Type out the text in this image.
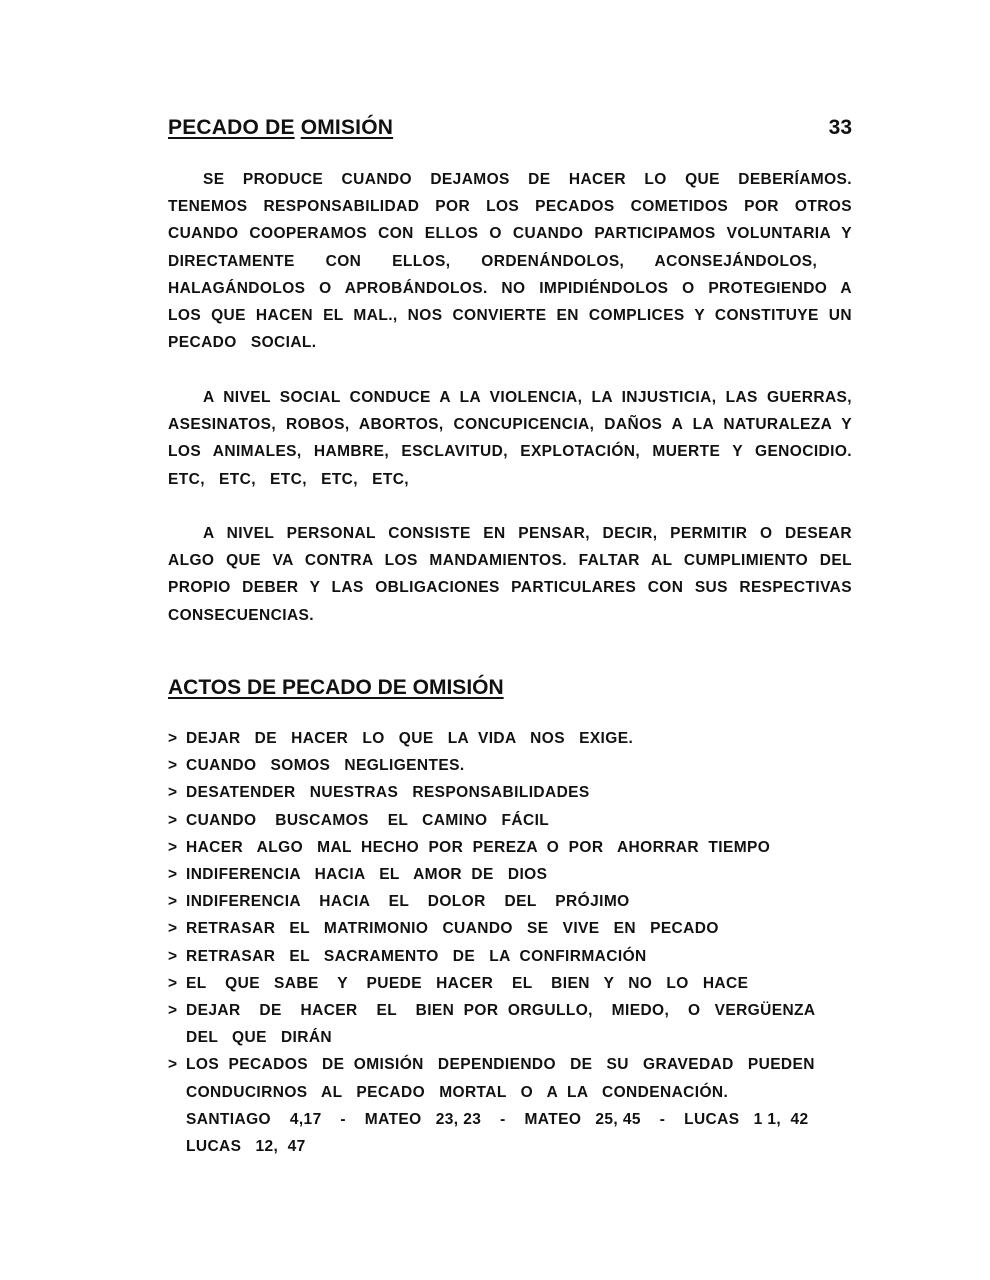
PECADO DE OMISIÓN	33
SE PRODUCE CUANDO DEJAMOS DE HACER LO QUE DEBERÍAMOS.
TENEMOS RESPONSABILIDAD POR LOS PECADOS COMETIDOS POR OTROS
CUANDO COOPERAMOS CON ELLOS O CUANDO PARTICIPAMOS VOLUNTARIA Y
DIRECTAMENTE    CON    ELLOS,    ORDENÁNDOLOS,    ACONSEJÁNDOLOS,
HALAGÁNDOLOS O APROBÁNDOLOS. NO IMPIDIÉNDOLOS O PROTEGIENDO A
LOS QUE HACEN EL MAL., NOS CONVIERTE EN COMPLICES Y CONSTITUYE UN
PECADO   SOCIAL.
A NIVEL SOCIAL CONDUCE A LA VIOLENCIA, LA INJUSTICIA, LAS GUERRAS,
ASESINATOS, ROBOS, ABORTOS, CONCUPICENCIA, DAÑOS A LA NATURALEZA Y
LOS ANIMALES, HAMBRE, ESCLAVITUD, EXPLOTACIÓN, MUERTE Y GENOCIDIO.
ETC,   ETC,   ETC,   ETC,   ETC,
A NIVEL PERSONAL CONSISTE EN PENSAR, DECIR, PERMITIR O DESEAR
ALGO QUE VA CONTRA LOS MANDAMIENTOS. FALTAR AL CUMPLIMIENTO DEL
PROPIO DEBER Y LAS OBLIGACIONES PARTICULARES CON SUS RESPECTIVAS
CONSECUENCIAS.
ACTOS DE PECADO DE OMISIÓN
> DEJAR   DE   HACER   LO   QUE   LA  VIDA   NOS   EXIGE.
> CUANDO   SOMOS   NEGLIGENTES.
> DESATENDER   NUESTRAS   RESPONSABILIDADES
> CUANDO    BUSCAMOS    EL   CAMINO   FÁCIL
> HACER   ALGO   MAL  HECHO  POR  PEREZA  O  POR   AHORRAR  TIEMPO
> INDIFERENCIA   HACIA   EL   AMOR  DE   DIOS
> INDIFERENCIA    HACIA    EL    DOLOR    DEL    PRÓJIMO
> RETRASAR   EL   MATRIMONIO   CUANDO   SE   VIVE   EN   PECADO
> RETRASAR   EL   SACRAMENTO   DE   LA  CONFIRMACIÓN
> EL    QUE   SABE    Y    PUEDE   HACER    EL    BIEN   Y   NO   LO   HACE
> DEJAR    DE    HACER    EL    BIEN  POR  ORGULLO,    MIEDO,    O   VERGÜENZA
DEL   QUE   DIRÁN
> LOS  PECADOS   DE  OMISIÓN   DEPENDIENDO   DE   SU   GRAVEDAD   PUEDEN
CONDUCIRNOS   AL   PECADO   MORTAL   O   A  LA   CONDENACIÓN.
SANTIAGO    4,17    -    MATEO   23, 23    -    MATEO   25, 45    -    LUCAS   1 1,  42
LUCAS   12,  47
